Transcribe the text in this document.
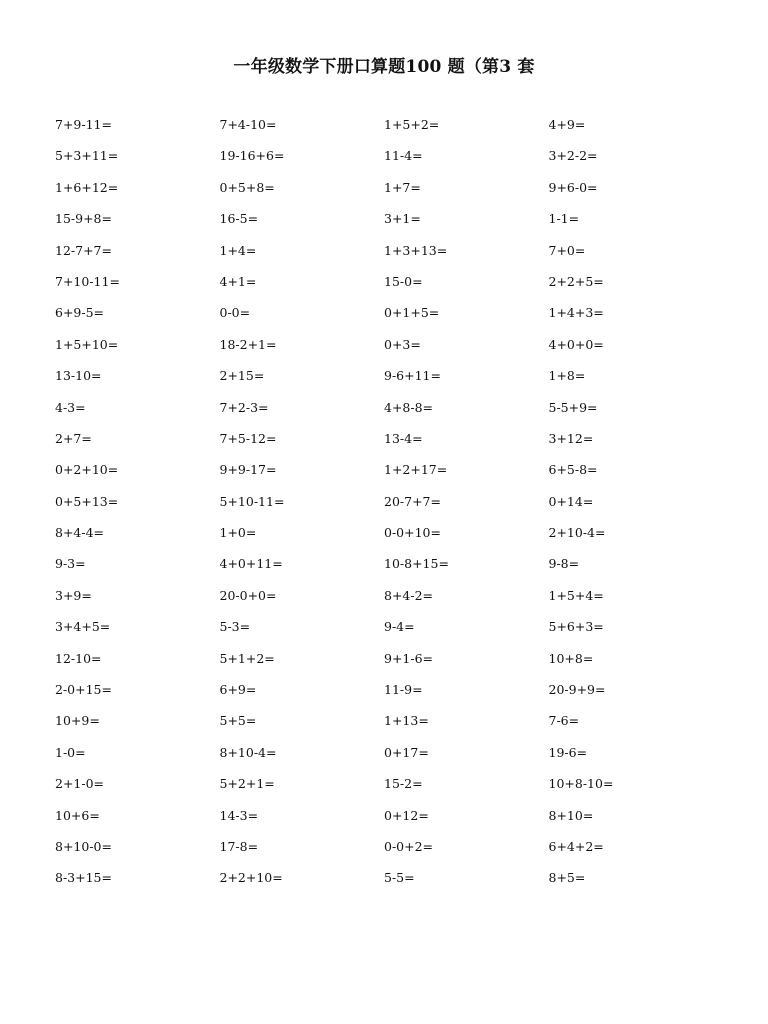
一年级数学下册口算题100 题（第3 套
7+9-11=	7+4-10=	1+5+2=	4+9=
5+3+11=	19-16+6=	11-4=	3+2-2=
1+6+12=	0+5+8=	1+7=	9+6-0=
15-9+8=	16-5=	3+1=	1-1=
12-7+7=	1+4=	1+3+13=	7+0=
7+10-11=	4+1=	15-0=	2+2+5=
6+9-5=	0-0=	0+1+5=	1+4+3=
1+5+10=	18-2+1=	0+3=	4+0+0=
13-10=	2+15=	9-6+11=	1+8=
4-3=	7+2-3=	4+8-8=	5-5+9=
2+7=	7+5-12=	13-4=	3+12=
0+2+10=	9+9-17=	1+2+17=	6+5-8=
0+5+13=	5+10-11=	20-7+7=	0+14=
8+4-4=	1+0=	0-0+10=	2+10-4=
9-3=	4+0+11=	10-8+15=	9-8=
3+9=	20-0+0=	8+4-2=	1+5+4=
3+4+5=	5-3=	9-4=	5+6+3=
12-10=	5+1+2=	9+1-6=	10+8=
2-0+15=	6+9=	11-9=	20-9+9=
10+9=	5+5=	1+13=	7-6=
1-0=	8+10-4=	0+17=	19-6=
2+1-0=	5+2+1=	15-2=	10+8-10=
10+6=	14-3=	0+12=	8+10=
8+10-0=	17-8=	0-0+2=	6+4+2=
8-3+15=	2+2+10=	5-5=	8+5=
